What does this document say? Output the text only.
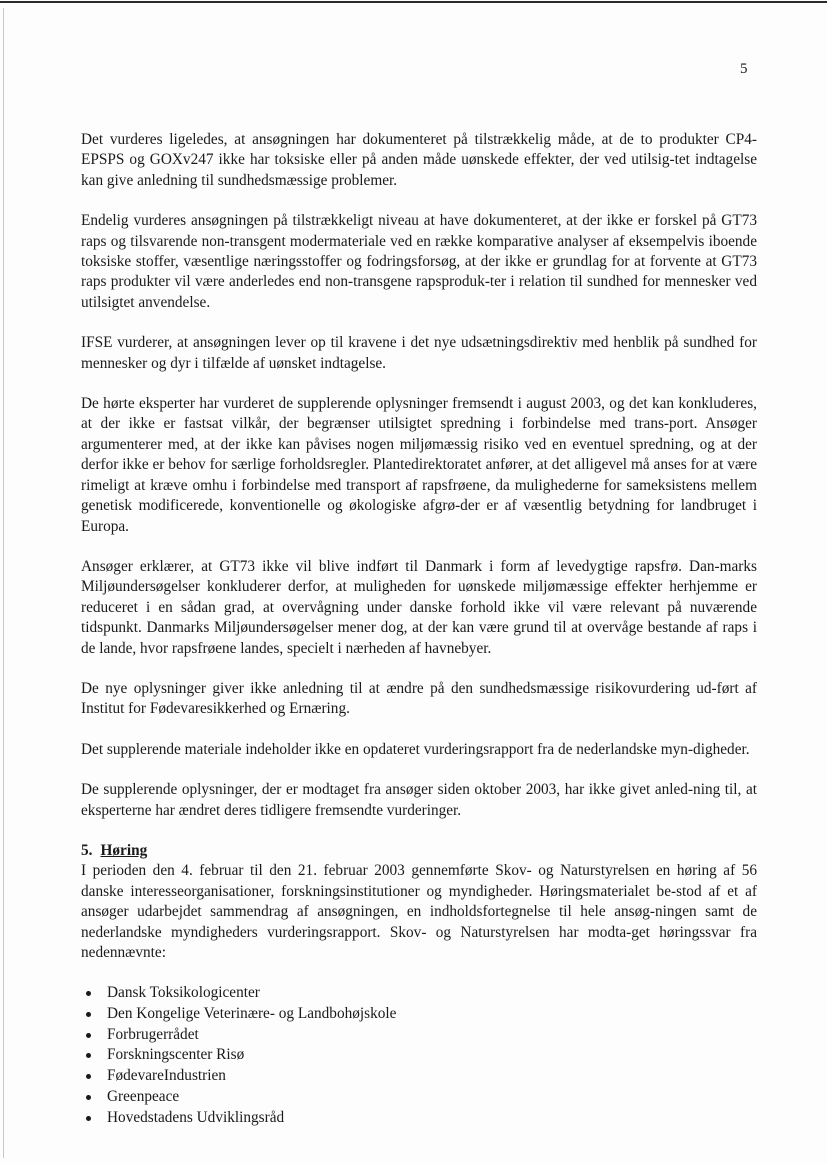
5

Det vurderes ligeledes, at ansøgningen har dokumenteret på tilstrækkelig måde, at de to produkter CP4-EPSPS og GOXv247 ikke har toksiske eller på anden måde uønskede effekter, der ved utilsig-tet indtagelse kan give anledning til sundhedsmæssige problemer.

Endelig vurderes ansøgningen på tilstrækkeligt niveau at have dokumenteret, at der ikke er forskel på GT73 raps og tilsvarende non-transgent modermateriale ved en række komparative analyser af eksempelvis iboende toksiske stoffer, væsentlige næringsstoffer og fodringsforsøg, at der ikke er grundlag for at forvente at GT73 raps produkter vil være anderledes end non-transgene rapsproduk-ter i relation til sundhed for mennesker ved utilsigtet anvendelse.

IFSE vurderer, at ansøgningen lever op til kravene i det nye udsætningsdirektiv med henblik på sundhed for mennesker og dyr i tilfælde af uønsket indtagelse.

De hørte eksperter har vurderet de supplerende oplysninger fremsendt i august 2003, og det kan konkluderes, at der ikke er fastsat vilkår, der begrænser utilsigtet spredning i forbindelse med trans-port. Ansøger argumenterer med, at der ikke kan påvises nogen miljømæssig risiko ved en eventuel spredning, og at der derfor ikke er behov for særlige forholdsregler. Plantedirektoratet anfører, at det alligevel må anses for at være rimeligt at kræve omhu i forbindelse med transport af rapsfrøene, da mulighederne for sameksistens mellem genetisk modificerede, konventionelle og økologiske afgrø-der er af væsentlig betydning for landbruget i Europa.

Ansøger erklærer, at GT73 ikke vil blive indført til Danmark i form af levedygtige rapsfrø. Dan-marks Miljøundersøgelser konkluderer derfor, at muligheden for uønskede miljømæssige effekter herhjemme er reduceret i en sådan grad, at overvågning under danske forhold ikke vil være relevant på nuværende tidspunkt. Danmarks Miljøundersøgelser mener dog, at der kan være grund til at overvåge bestande af raps i de lande, hvor rapsfrøene landes, specielt i nærheden af havnebyer.

De nye oplysninger giver ikke anledning til at ændre på den sundhedsmæssige risikovurdering ud-ført af Institut for Fødevaresikkerhed og Ernæring.

Det supplerende materiale indeholder ikke en opdateret vurderingsrapport fra de nederlandske myn-digheder.

De supplerende oplysninger, der er modtaget fra ansøger siden oktober 2003, har ikke givet anled-ning til, at eksperterne har ændret deres tidligere fremsendte vurderinger.

5. Høring

I perioden den 4. februar til den 21. februar 2003 gennemførte Skov- og Naturstyrelsen en høring af 56 danske interesseorganisationer, forskningsinstitutioner og myndigheder. Høringsmaterialet be-stod af et af ansøger udarbejdet sammendrag af ansøgningen, en indholdsfortegnelse til hele ansøg-ningen samt de nederlandske myndigheders vurderingsrapport. Skov- og Naturstyrelsen har modta-get høringssvar fra nedennævnte:

Dansk Toksikologicenter
Den Kongelige Veterinære- og Landbohøjskole
Forbrugerrådet
Forskningscenter Risø
FødevareIndustrien
Greenpeace
Hovedstadens Udviklingsråd
